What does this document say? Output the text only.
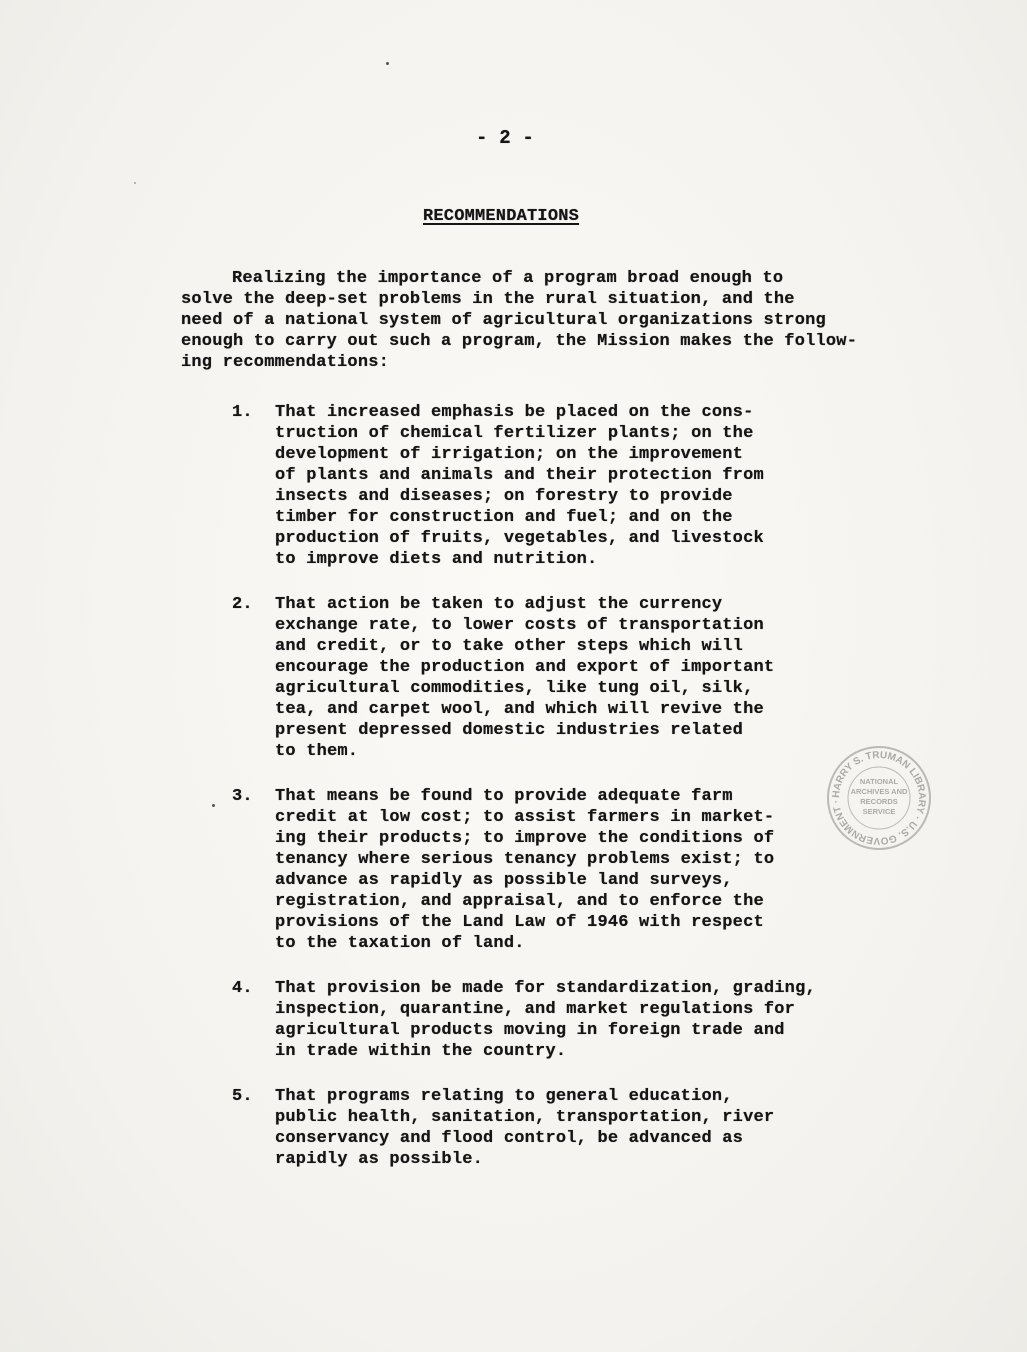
- 2 -
RECOMMENDATIONS

Realizing the importance of a program broad enough to

solve the deep-set problems in the rural situation, and the

need of a national system of agricultural organizations strong

enough to carry out such a program, the Mission makes the follow-

ing recommendations:

1.	That increased emphasis be placed on the cons-

truction of chemical fertilizer plants; on the

development of irrigation; on the improvement

of plants and animals and their protection from

insects and diseases; on forestry to provide

timber for construction and fuel; and on the

production of fruits, vegetables, and livestock

to improve diets and nutrition.

2.	That action be taken to adjust the currency

exchange rate, to lower costs of transportation

and credit, or to take other steps which will

encourage the production and export of important

agricultural commodities, like tung oil, silk,

tea, and carpet wool, and which will revive the

present depressed domestic industries related

to them.

3.	That means be found to provide adequate farm

credit at low cost; to assist farmers in market-

ing their products; to improve the conditions of

tenancy where serious tenancy problems exist; to

advance as rapidly as possible land surveys,

registration, and appraisal, and to enforce the

provisions of the Land Law of 1946 with respect

to the taxation of land.

4.	That provision be made for standardization, grading,

inspection, quarantine, and market regulations for

agricultural products moving in foreign trade and

in trade within the country.

5.	That programs relating to general education,

public health, sanitation, transportation, river

conservancy and flood control, be advanced as

rapidly as possible.

HARRY S. TRUMAN LIBRARY · U.S. GOVERNMENT ·
NATIONAL
ARCHIVES AND
RECORDS
SERVICE
